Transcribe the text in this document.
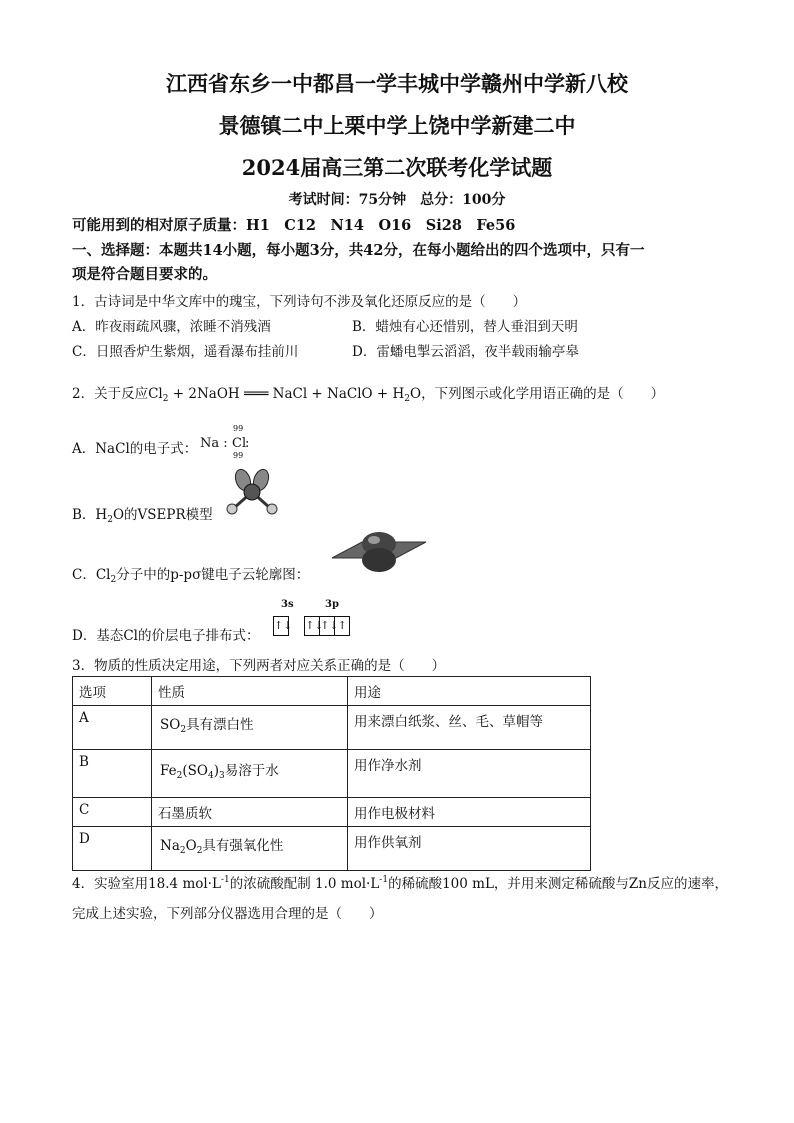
江西省东乡一中都昌一学丰城中学赣州中学新八校
景德镇二中上栗中学上饶中学新建二中
2024届高三第二次联考化学试题
考试时间：75分钟　总分：100分
可能用到的相对原子质量：H1　C12　N14　O16　Si28　Fe56
一、选择题：本题共14小题，每小题3分，共42分，在每小题给出的四个选项中，只有一
项是符合题目要求的。
1．古诗词是中华文库中的瑰宝，下列诗句不涉及氧化还原反应的是（　　）
A．昨夜雨疏风骤，浓睡不消残酒	B．蜡烛有心还惜别，替人垂泪到天明
C．日照香炉生紫烟，遥看瀑布挂前川	D．雷蟠电掣云滔滔，夜半载雨输亭皋
2．关于反应$Cl_2$ + 2NaOH ═══ NaCl + NaClO + $H_2O$，下列图示或化学用语正确的是（　　）
A．NaCl的电子式： Na : Cl
99
99
:
B．$H_2O$的VSEPR模型
C．$Cl_2$分子中的p-pσ键电子云轮廓图：
D．基态Cl的价层电子排布式：
3s	3p
↑↓ ↑↓↑↓↑
3．物质的性质决定用途，下列两者对应关系正确的是（　　）
选项	性质	用途
A	$SO_2$具有漂白性	用来漂白纸浆、丝、毛、草帽等
B	$Fe_2(SO_4)_3$易溶于水	用作净水剂
C	石墨质软	用作电极材料
D	$Na_2O_2$具有强氧化性	用作供氧剂
4．实验室用18.4 $mol\cdot L^{-1}$的浓硫酸配制 1.0 $mol\cdot L^{-1}$的稀硫酸100 mL，并用来测定稀硫酸与Zn反应的速率，
完成上述实验，下列部分仪器选用合理的是（　　）
